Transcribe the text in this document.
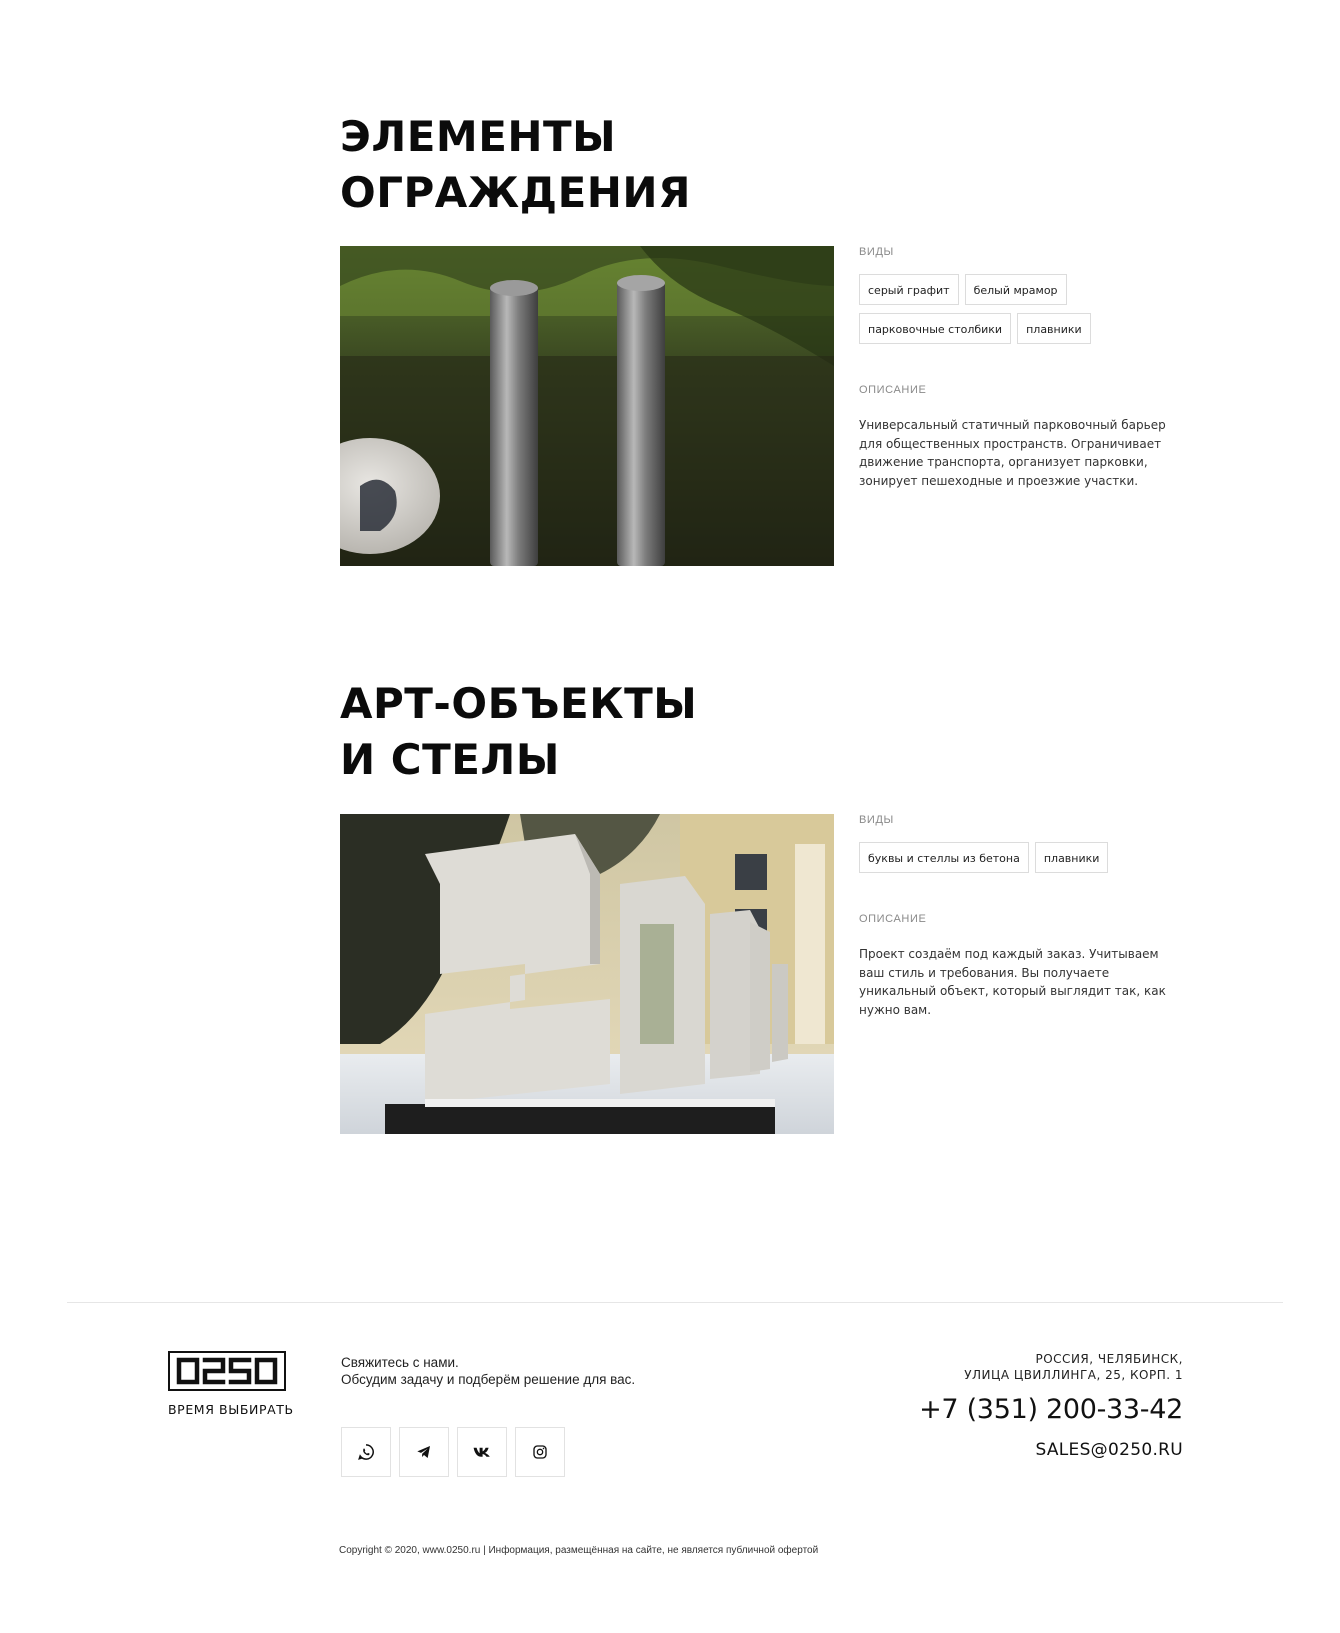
ЭЛЕМЕНТЫ
ОГРАЖДЕНИЯ
ВИДЫ
серый графит	белый мрамор
парковочные столбики	плавники
ОПИСАНИЕ
Универсальный статичный парковочный барьер для общественных пространств. Ограничивает движение транспорта, организует парковки, зонирует пешеходные и проезжие участки.
АРТ-ОБЪЕКТЫ
И СТЕЛЫ
ВИДЫ
буквы и стеллы из бетона	плавники
ОПИСАНИЕ
Проект создаём под каждый заказ. Учитываем ваш стиль и требования. Вы получаете уникальный объект, который выглядит так, как нужно вам.
ВРЕМЯ ВЫБИРАТЬ
Свяжитесь с нами.
Обсудим задачу и подберём решение для вас.
РОССИЯ, ЧЕЛЯБИНСК,
УЛИЦА ЦВИЛЛИНГА, 25, КОРП. 1
+7 (351) 200-33-42
SALES@0250.RU
Copyright © 2020, www.0250.ru | Информация, размещённая на сайте, не является публичной офертой
